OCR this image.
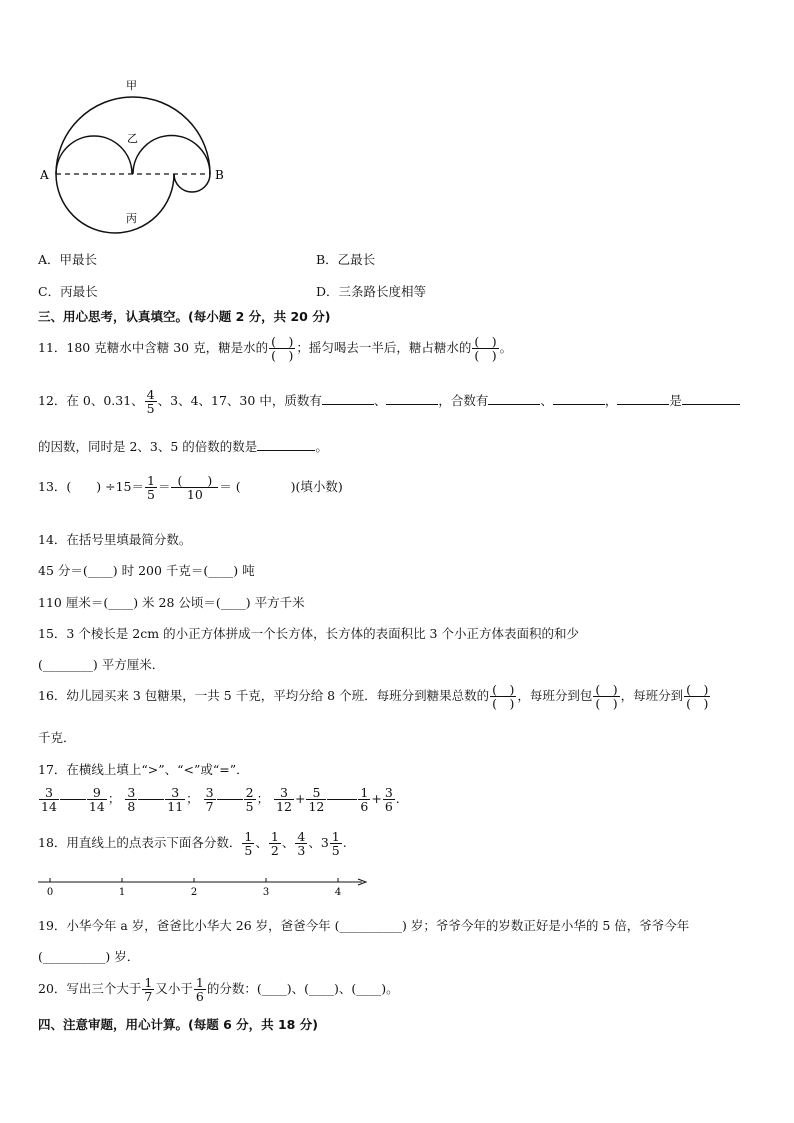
甲
乙
丙
A	B
A．甲最长	B．乙最长
C．丙最长	D．三条路长度相等
三、用心思考，认真填空。(每小题 2 分，共 20 分)
11．180 克糖水中含糖 30 克，糖是水的 $\frac{( )}{( )}$ ；摇匀喝去一半后，糖占糖水的 $\frac{( )}{( )}$ 。
12．在 0、0.31、 $\frac{4}{5}$ 、3、4、17、30 中，质数有	、	，合数有	、	，	是
的因数，同时是 2、3、5 的倍数的数是	。
13．(　　) $\div 15= \frac{1}{5} = \frac{( )}{10}$ ＝ (　　　　)(填小数)
14．在括号里填最简分数。
45 分＝(____) 时 200 千克＝(____) 吨
110 厘米＝(____) 米 28 公顷＝(____) 平方千米
15．3 个棱长是 2cm 的小正方体拼成一个长方体，长方体的表面积比 3 个小正方体表面积的和少
(________) 平方厘米．
16．幼儿园买来 3 包糖果，一共 5 千克，平均分给 8 个班．每班分到糖果总数的 $\frac{( )}{( )}$ ，每班分到包 $\frac{( )}{( )}$ ，每班分到 $\frac{( )}{( )}$
千克．
17．在横线上填上“>”、“<”或“=”．
$\frac{3}{14} \frac{9}{14}$ ； $\frac{3}{8} \frac{3}{11}$ ； $\frac{3}{7} \frac{2}{5}$ ； $\frac{3}{12} + \frac{5}{12}$	$\frac{1}{6} + \frac{3}{6}$ .
18．用直线上的点表示下面各分数． $\frac{1}{5}$ 、 $\frac{1}{2}$ 、 $\frac{4}{3}$ 、$3 \frac{1}{5}$ .
0	1	2	3	4
19．小华今年 a 岁，爸爸比小华大 26 岁，爸爸今年 (__________) 岁；爷爷今年的岁数正好是小华的 5 倍，爷爷今年
(__________) 岁．
20．写出三个大于 $\frac{1}{7}$ 又小于 $\frac{1}{6}$ 的分数：(____)、(____)、(____)。
四、注意审题，用心计算。(每题 6 分，共 18 分)
